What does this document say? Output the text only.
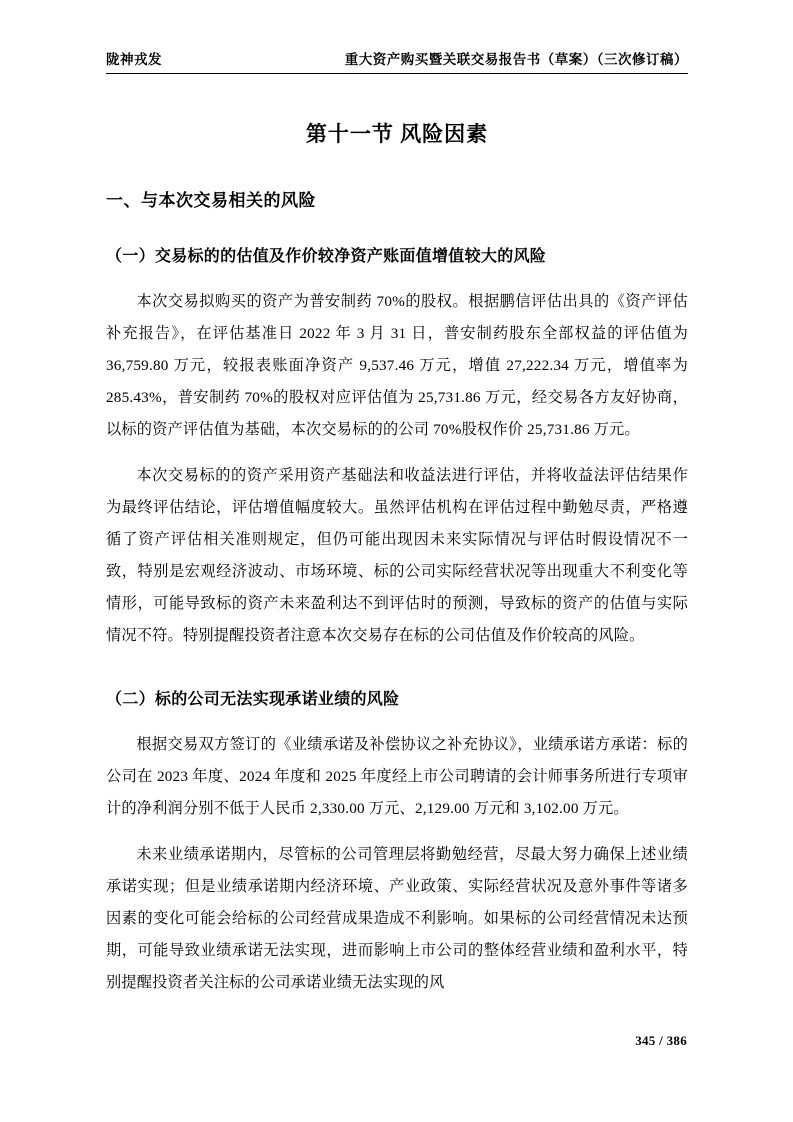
陇神戎发	重大资产购买暨关联交易报告书（草案）（三次修订稿）
第十一节 风险因素
一、与本次交易相关的风险
（一）交易标的的估值及作价较净资产账面值增值较大的风险

本次交易拟购买的资产为普安制药 70%的股权。根据鹏信评估出具的《资产评估补充报告》，在评估基准日 2022 年 3 月 31 日，普安制药股东全部权益的评估值为 36,759.80 万元，较报表账面净资产 9,537.46 万元，增值 27,222.34 万元，增值率为 285.43%，普安制药 70%的股权对应评估值为 25,731.86 万元，经交易各方友好协商，以标的资产评估值为基础，本次交易标的的公司 70%股权作价 25,731.86 万元。

本次交易标的的资产采用资产基础法和收益法进行评估，并将收益法评估结果作为最终评估结论，评估增值幅度较大。虽然评估机构在评估过程中勤勉尽责，严格遵循了资产评估相关准则规定，但仍可能出现因未来实际情况与评估时假设情况不一致，特别是宏观经济波动、市场环境、标的公司实际经营状况等出现重大不利变化等情形，可能导致标的资产未来盈利达不到评估时的预测，导致标的资产的估值与实际情况不符。特别提醒投资者注意本次交易存在标的公司估值及作价较高的风险。

（二）标的公司无法实现承诺业绩的风险

根据交易双方签订的《业绩承诺及补偿协议之补充协议》，业绩承诺方承诺：标的公司在 2023 年度、2024 年度和 2025 年度经上市公司聘请的会计师事务所进行专项审计的净利润分别不低于人民币 2,330.00 万元、2,129.00 万元和 3,102.00 万元。

未来业绩承诺期内，尽管标的公司管理层将勤勉经营，尽最大努力确保上述业绩承诺实现；但是业绩承诺期内经济环境、产业政策、实际经营状况及意外事件等诸多因素的变化可能会给标的公司经营成果造成不利影响。如果标的公司经营情况未达预期，可能导致业绩承诺无法实现，进而影响上市公司的整体经营业绩和盈利水平，特别提醒投资者关注标的公司承诺业绩无法实现的风

345 / 386
